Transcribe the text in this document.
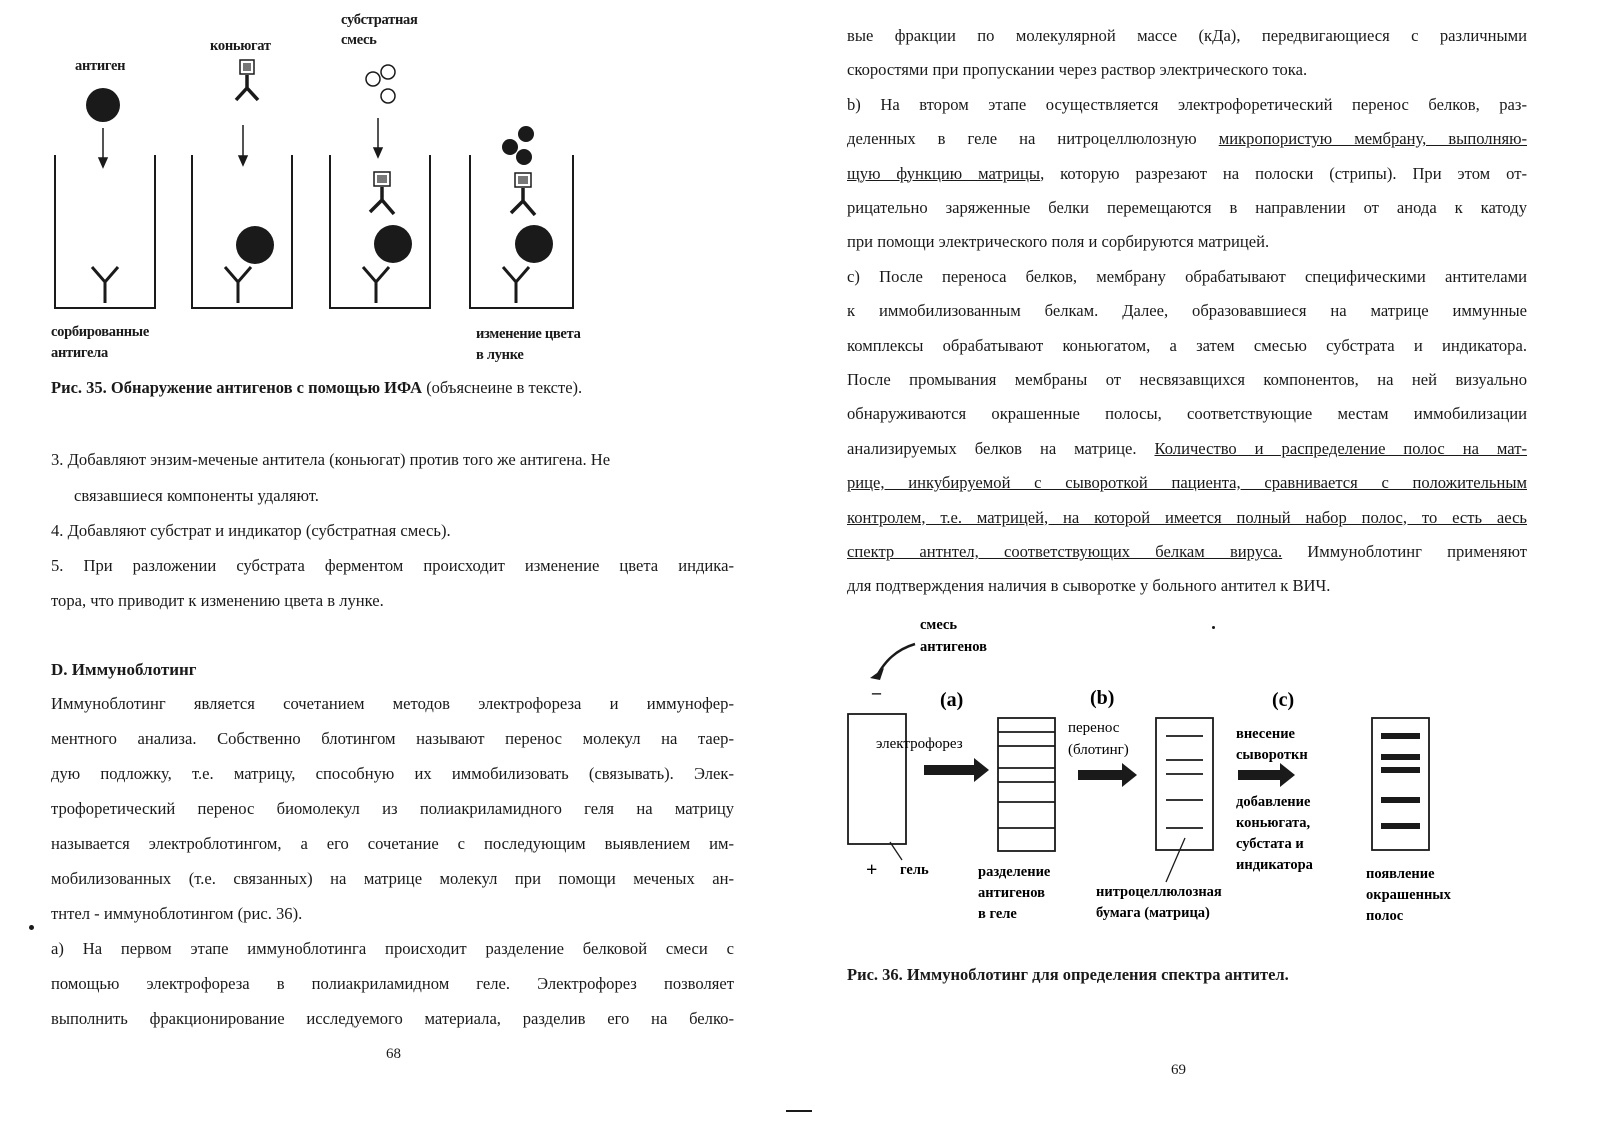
антиген
коньюгат
субстратная
смесь
сорбированные
антигела
изменение цвета
в лунке
Рис. 35. Обнаружение антигенов с помощью ИФА (объяснеине в тексте).
3. Добавляют энзим-меченые антитела (коньюгат) против того же антигена. Не
связавшиеся компоненты удаляют.
4. Добавляют субстрат и индикатор (субстратная смесь).
5. При разложении субстрата ферментом происходит изменение цвета индика-
тора, что приводит к изменению цвета в лунке.
D. Иммуноблотинг
Иммуноблотинг является сочетанием методов электрофореза и иммунофер-
ментного анализа. Собственно блотингом называют перенос молекул на таер-
дую подложку, т.е. матрицу, способную их иммобилизовать (связывать). Элек-
трофоретический перенос биомолекул из полиакриламидного геля на матрицу
называется электроблотингом, а его сочетание с последующим выявлением им-
мобилизованных (т.е. связанных) на матрице молекул при помощи меченых ан-
тнтел - иммуноблотингом (рис. 36).
а) На первом этапе иммуноблотинга происходит разделение белковой смеси с
помощью электрофореза в полиакриламидном геле. Электрофорез позволяет
выполнить фракционирование исследуемого материала, разделив его на белко-
68
вые фракции по молекулярной массе (кДа), передвигающиеся с различными
скоростями при пропускании через раствор электрического тока.
b) На втором этапе осуществляется электрофоретический перенос белков, раз-
деленных в геле на нитроцеллюлозную микропористую мембрану, выполняю-
щую функцию матрицы, которую разрезают на полоски (стрипы). При этом от-
рицательно заряженные белки перемещаются в направлении от анода к катоду
при помощи электрического поля и сорбируются матрицей.
c) После переноса белков, мембрану обрабатывают специфическими антителами
к иммобилизованным белкам. Далее, образовавшиеся на матрице иммунные
комплексы обрабатывают коньюгатом, а затем смесью субстрата и индикатора.
После промывания мембраны от несвязавщихся компонентов, на ней визуально
обнаруживаются окрашенные полосы, соответствующие местам иммобилизации
анализируемых белков на матрице. Количество и распределение полос на мат-
рице, инкубируемой с сывороткой пациента, сравнивается с положительным
контролем, т.е. матрицей, на которой имеется полный набор полос, то есть аесь
спектр антнтел, соответствующих белкам вируса. Иммуноблотинг применяют
для подтверждения наличия в сыворотке у больного антител к ВИЧ.
смесь
антигенов
–	(a)	(b)	(c)
электрофорез
перенос
(блотинг)
внесение
сывороткн
добавление
коньюгата,
субстата и
индикатора
+ гель	разделение
антигенов
в геле
нитроцеллюлозная
бумага (матрица)
появление
окрашенных
полос
Рис. 36. Иммуноблотинг для определения спектра антител.
69
